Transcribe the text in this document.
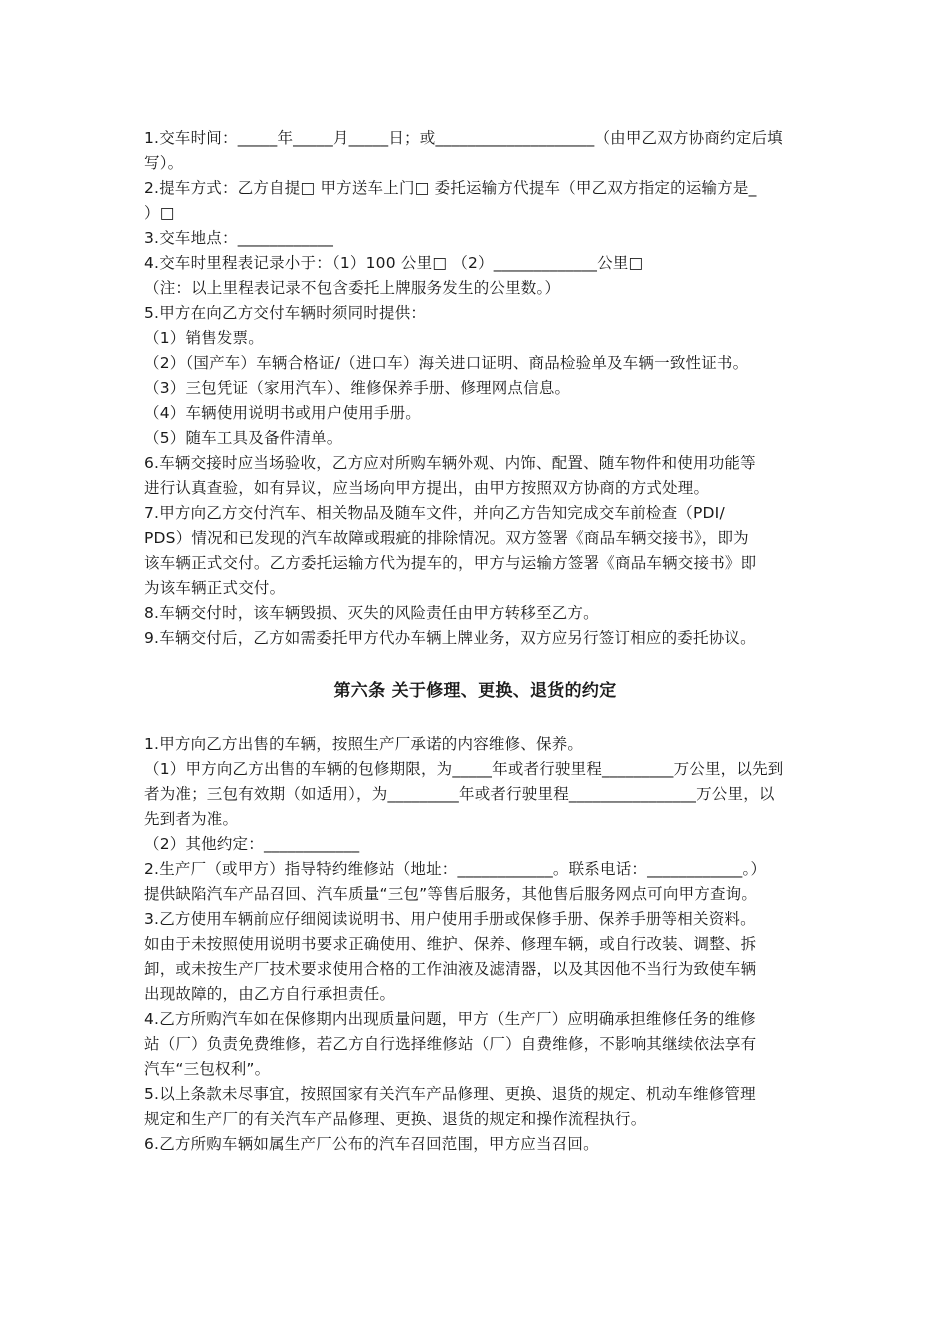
1.交车时间：_____年_____月_____日；或____________________（由甲乙双方协商约定后填
写）。
2.提车方式：乙方自提□ 甲方送车上门□ 委托运输方代提车（甲乙双方指定的运输方是_
）□
3.交车地点：____________
4.交车时里程表记录小于：（1）100 公里□ （2）_____________公里□
（注：以上里程表记录不包含委托上牌服务发生的公里数。）
5.甲方在向乙方交付车辆时须同时提供：
（1）销售发票。
（2）（国产车）车辆合格证/（进口车）海关进口证明、商品检验单及车辆一致性证书。
（3）三包凭证（家用汽车）、维修保养手册、修理网点信息。
（4）车辆使用说明书或用户使用手册。
（5）随车工具及备件清单。
6.车辆交接时应当场验收，乙方应对所购车辆外观、内饰、配置、随车物件和使用功能等
进行认真查验，如有异议，应当场向甲方提出，由甲方按照双方协商的方式处理。
7.甲方向乙方交付汽车、相关物品及随车文件，并向乙方告知完成交车前检查（PDI/
PDS）情况和已发现的汽车故障或瑕疵的排除情况。双方签署《商品车辆交接书》，即为
该车辆正式交付。乙方委托运输方代为提车的，甲方与运输方签署《商品车辆交接书》即
为该车辆正式交付。
8.车辆交付时，该车辆毁损、灭失的风险责任由甲方转移至乙方。
9.车辆交付后，乙方如需委托甲方代办车辆上牌业务，双方应另行签订相应的委托协议。
第六条 关于修理、更换、退货的约定
1.甲方向乙方出售的车辆，按照生产厂承诺的内容维修、保养。
（1）甲方向乙方出售的车辆的包修期限，为_____年或者行驶里程_________万公里，以先到
者为准；三包有效期（如适用），为_________年或者行驶里程________________万公里，以
先到者为准。
（2）其他约定：____________
2.生产厂（或甲方）指导特约维修站（地址：____________。联系电话：____________。）
提供缺陷汽车产品召回、汽车质量“三包”等售后服务，其他售后服务网点可向甲方查询。
3.乙方使用车辆前应仔细阅读说明书、用户使用手册或保修手册、保养手册等相关资料。
如由于未按照使用说明书要求正确使用、维护、保养、修理车辆，或自行改装、调整、拆
卸，或未按生产厂技术要求使用合格的工作油液及滤清器，以及其因他不当行为致使车辆
出现故障的，由乙方自行承担责任。
4.乙方所购汽车如在保修期内出现质量问题，甲方（生产厂）应明确承担维修任务的维修
站（厂）负责免费维修，若乙方自行选择维修站（厂）自费维修，不影响其继续依法享有
汽车“三包权利”。
5.以上条款未尽事宜，按照国家有关汽车产品修理、更换、退货的规定、机动车维修管理
规定和生产厂的有关汽车产品修理、更换、退货的规定和操作流程执行。
6.乙方所购车辆如属生产厂公布的汽车召回范围，甲方应当召回。
